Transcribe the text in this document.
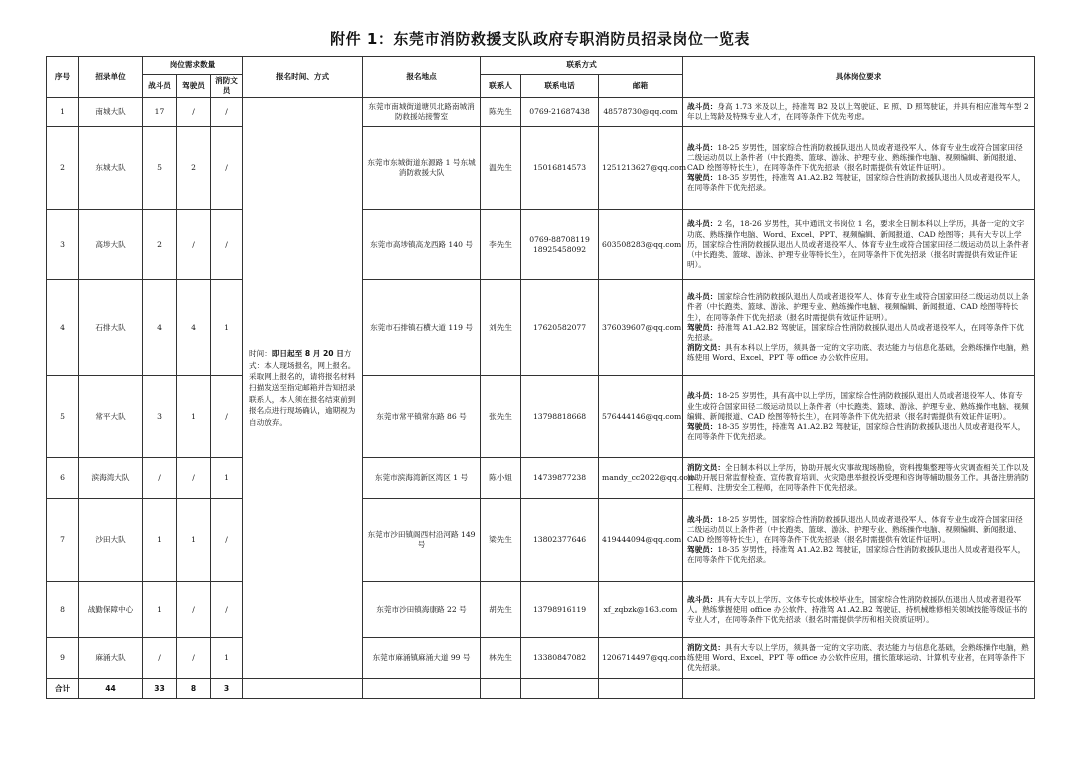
附件 1：东莞市消防救援支队政府专职消防员招录岗位一览表
序号	招录单位	岗位需求数量			报名时间、方式	报名地点	联系方式			具体岗位要求
		战斗员	驾驶员	消防文员			联系人	联系电话	邮箱	

1	南城大队	17	/	/	时间：即日起至 8 月 20 日方式：本人现场报名，网上报名。采取网上报名的，请将报名材料扫描发送至指定邮箱并告知招录联系人，本人须在报名结束前到报名点进行现场确认，逾期视为自动放弃。	东莞市南城街道塘贝北路南城消防救援站接警室	陈先生	0769-21687438	48578730@qq.com	战斗员：身高 1.73 米及以上，持准驾 B2 及以上驾驶证、E 照、D 照驾驶证，并具有相应准驾车型 2 年以上驾龄及特殊专业人才，在同等条件下优先考虑。

2	东城大队	5	2	/		东莞市东城街道东源路 1 号东城消防救援大队	温先生	15016814573	1251213627@qq.com	战斗员：18-25 岁男性，国家综合性消防救援队退出人员或者退役军人、体育专业生或符合国家田径二级运动员以上条件者（中长跑类、篮球、游泳、护理专业、熟练操作电脑、视频编辑、新闻报道、CAD 绘图等特长生），在同等条件下优先招录（报名时需提供有效证件证明）。

驾驶员：18-35 岁男性，持准驾 A1.A2.B2 驾驶证，国家综合性消防救援队退出人员或者退役军人，在同等条件下优先招录。

3	高埗大队	2	/	/		东莞市高埗镇高龙西路 140 号	李先生	0769-88708119
18925458092	603508283@qq.com	战斗员：2 名，18-26 岁男性，其中通讯文书岗位 1 名，要求全日制本科以上学历，具备一定的文字功底、熟练操作电脑、Word、Excel、PPT、视频编辑、新闻报道、CAD 绘图等；具有大专以上学历，国家综合性消防救援队退出人员或者退役军人、体育专业生或符合国家田径二级运动员以上条件者（中长跑类、篮球、游泳、护理专业等特长生），在同等条件下优先招录（报名时需提供有效证件证明）。

4	石排大队	4	4	1		东莞市石排镇石横大道 119 号	刘先生	17620582077	376039607@qq.com	战斗员：国家综合性消防救援队退出人员或者退役军人、体育专业生或符合国家田径二级运动员以上条件者（中长跑类、篮球、游泳、护理专业、熟练操作电脑、视频编辑、新闻报道、CAD 绘图等特长生），在同等条件下优先招录（报名时需提供有效证件证明）。

驾驶员：持准驾 A1.A2.B2 驾驶证，国家综合性消防救援队退出人员或者退役军人，在同等条件下优先招录。

消防文员：具有本科以上学历，须具备一定的文字功底、表达能力与信息化基础，会熟练操作电脑，熟练使用 Word、Excel、PPT 等 office 办公软件应用。

5	常平大队	3	1	/		东莞市常平镇常东路 86 号	张先生	13798818668	576444146@qq.com	战斗员：18-25 岁男性，具有高中以上学历，国家综合性消防救援队退出人员或者退役军人、体育专业生或符合国家田径二级运动员以上条件者（中长跑类、篮球、游泳、护理专业、熟练操作电脑、视频编辑、新闻报道、CAD 绘图等特长生），在同等条件下优先招录（报名时需提供有效证件证明）。

驾驶员：18-35 岁男性，持准驾 A1.A2.B2 驾驶证，国家综合性消防救援队退出人员或者退役军人，在同等条件下优先招录。

6	滨海湾大队	/	/	1		东莞市滨海湾新区湾区 1 号	陈小姐	14739877238	mandy_cc2022@qq.com	消防文员：全日制本科以上学历，协助开展火灾事故现场勘验，资料搜集整理等火灾调查相关工作以及协助开展日常监督检查、宣传教育培训、火灾隐患举报投诉受理和咨询等辅助服务工作。具备注册消防工程师、注册安全工程师，在同等条件下优先招录。

7	沙田大队	1	1	/		东莞市沙田镇阁西村沿河路 149 号	梁先生	13802377646	419444094@qq.com	战斗员：18-25 岁男性，国家综合性消防救援队退出人员或者退役军人、体育专业生或符合国家田径二级运动员以上条件者（中长跑类、篮球、游泳、护理专业、熟练操作电脑、视频编辑、新闻报道、CAD 绘图等特长生），在同等条件下优先招录（报名时需提供有效证件证明）。

驾驶员：18-35 岁男性，持准驾 A1.A2.B2 驾驶证，国家综合性消防救援队退出人员或者退役军人，在同等条件下优先招录。

8	战勤保障中心	1	/	/		东莞市沙田镇海康路 22 号	胡先生	13798916119	xf_zqbzk@163.com	战斗员：具有大专以上学历、文体专长或体校毕业生，国家综合性消防救援队伍退出人员或者退役军人。熟练掌握使用 office 办公软件、持准驾 A1.A2.B2 驾驶证、持机械维修相关领域技能等级证书的专业人才，在同等条件下优先招录（报名时需提供学历和相关资质证明）。

9	麻涌大队	/	/	1		东莞市麻涌镇麻涌大道 99 号	林先生	13380847082	1206714497@qq.com	消防文员：具有大专以上学历，须具备一定的文字功底、表达能力与信息化基础，会熟练操作电脑，熟练使用 Word、Excel、PPT 等 office 办公软件应用，擅长篮球运动、计算机专业者，在同等条件下优先招录。

合计	44	33	8	3						
